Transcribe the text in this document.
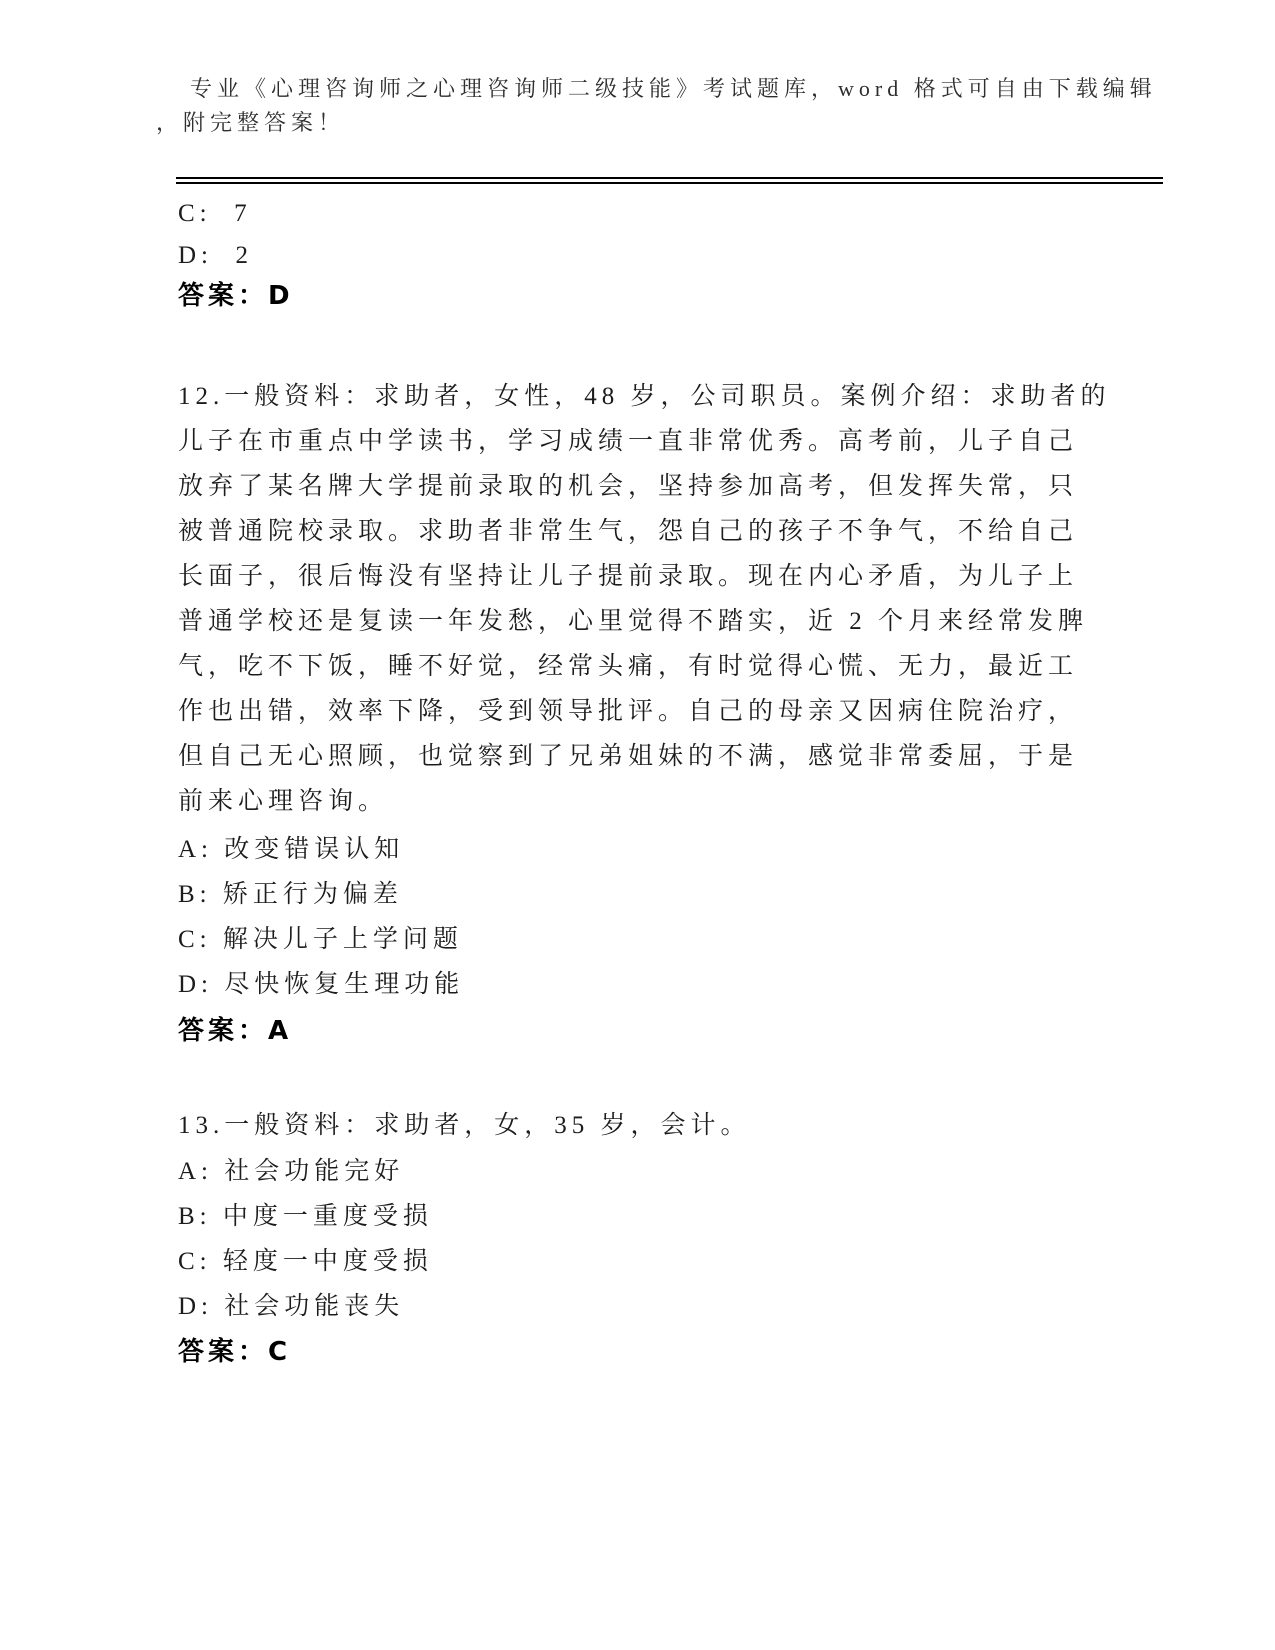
专业《心理咨询师之心理咨询师二级技能》考试题库，word 格式可自由下载编辑
，附完整答案！
C:  7
D:  2
答案：D
12.一般资料：求助者，女性，48 岁，公司职员。案例介绍：求助者的
儿子在市重点中学读书，学习成绩一直非常优秀。高考前，儿子自己
放弃了某名牌大学提前录取的机会，坚持参加高考，但发挥失常，只
被普通院校录取。求助者非常生气，怨自己的孩子不争气，不给自己
长面子，很后悔没有坚持让儿子提前录取。现在内心矛盾，为儿子上
普通学校还是复读一年发愁，心里觉得不踏实，近 2 个月来经常发脾
气，吃不下饭，睡不好觉，经常头痛，有时觉得心慌、无力，最近工
作也出错，效率下降，受到领导批评。自己的母亲又因病住院治疗，
但自己无心照顾，也觉察到了兄弟姐妹的不满，感觉非常委屈，于是
前来心理咨询。
A: 改变错误认知
B: 矫正行为偏差
C: 解决儿子上学问题
D: 尽快恢复生理功能
答案：A
13.一般资料：求助者，女，35 岁，会计。
A: 社会功能完好
B: 中度一重度受损
C: 轻度一中度受损
D: 社会功能丧失
答案：C
